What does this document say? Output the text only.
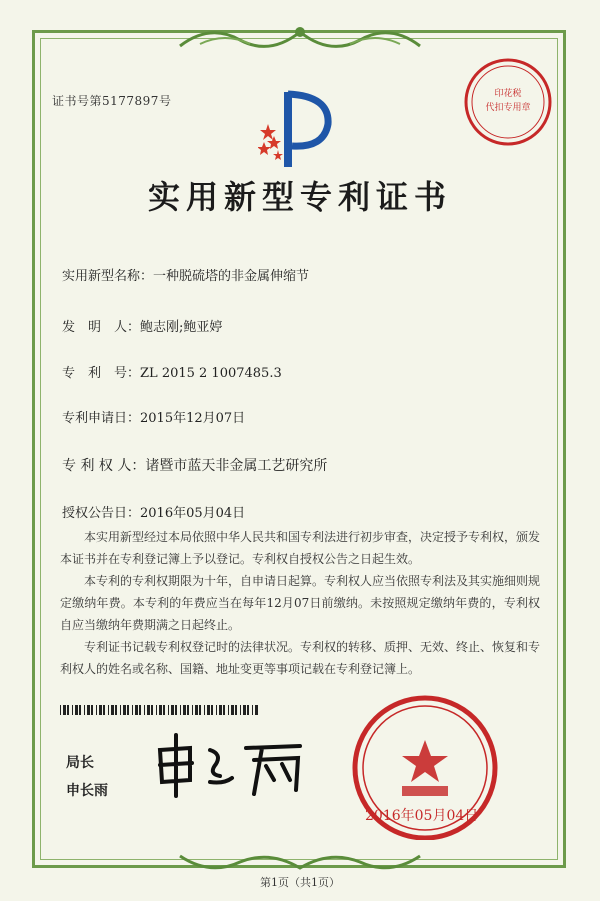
证书号第5177897号	印花税
代扣专用章
实用新型专利证书
实用新型名称：一种脱硫塔的非金属伸缩节
发　明　人：鲍志刚;鲍亚婷
专　利　号：ZL 2015 2 1007485.3
专利申请日：2015年12月07日
专 利 权 人：诸暨市蓝天非金属工艺研究所
授权公告日：2016年05月04日

本实用新型经过本局依照中华人民共和国专利法进行初步审查，决定授予专利权，颁发本证书并在专利登记簿上予以登记。专利权自授权公告之日起生效。

本专利的专利权期限为十年，自申请日起算。专利权人应当依照专利法及其实施细则规定缴纳年费。本专利的年费应当在每年12月07日前缴纳。未按照规定缴纳年费的，专利权自应当缴纳年费期满之日起终止。

专利证书记载专利权登记时的法律状况。专利权的转移、质押、无效、终止、恢复和专利权人的姓名或名称、国籍、地址变更等事项记载在专利登记簿上。

局长
申长雨
2016年05月04日
第1页（共1页）
